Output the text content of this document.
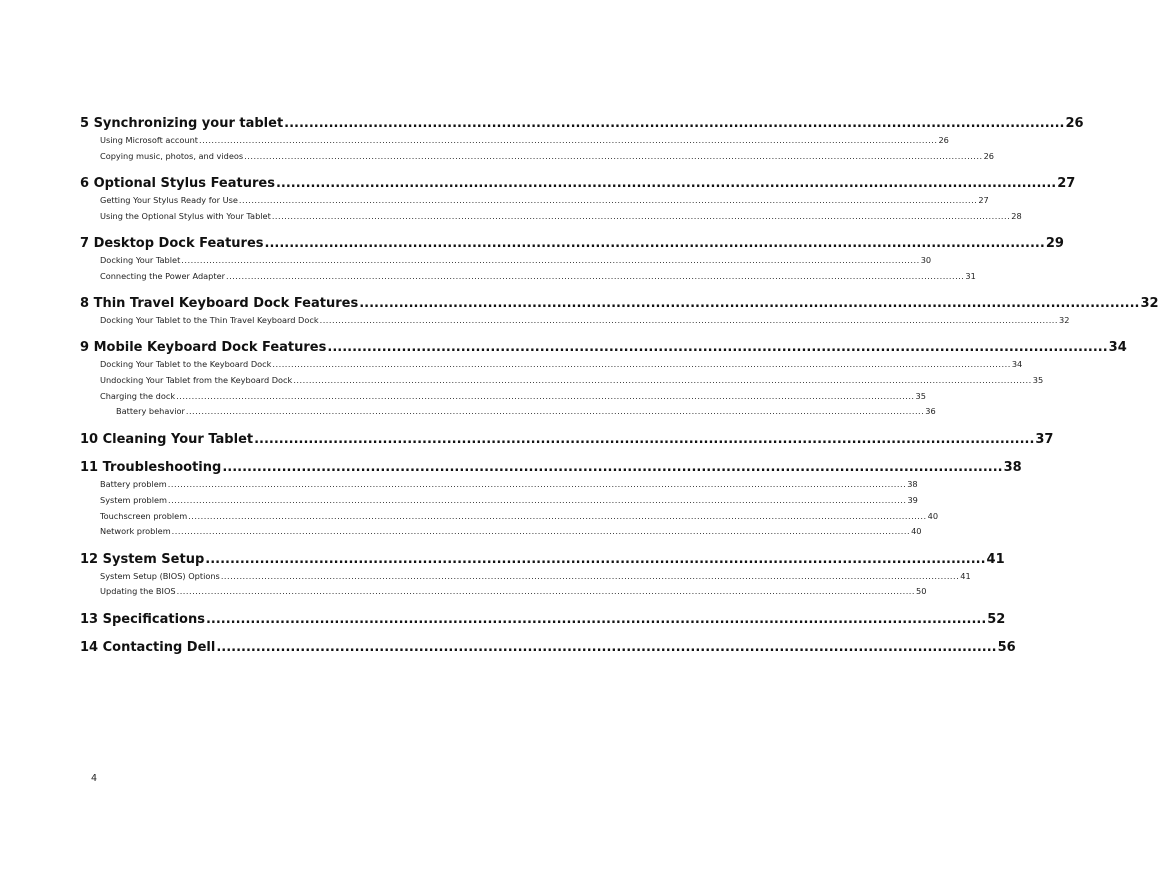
5 Synchronizing your tablet .............................................................................................................................................................. 26
Using Microsoft account .............................................................................................................................................................................................................................................. 26
Copying music, photos, and videos .............................................................................................................................................................................................................................................. 26
6 Optional Stylus Features .............................................................................................................................................................. 27
Getting Your Stylus Ready for Use .............................................................................................................................................................................................................................................. 27
Using the Optional Stylus with Your Tablet .............................................................................................................................................................................................................................................. 28
7 Desktop Dock Features .............................................................................................................................................................. 29
Docking Your Tablet .............................................................................................................................................................................................................................................. 30
Connecting the Power Adapter .............................................................................................................................................................................................................................................. 31
8 Thin Travel Keyboard Dock Features .............................................................................................................................................................. 32
Docking Your Tablet to the Thin Travel Keyboard Dock .............................................................................................................................................................................................................................................. 32
9 Mobile Keyboard Dock Features .............................................................................................................................................................. 34
Docking Your Tablet to the Keyboard Dock .............................................................................................................................................................................................................................................. 34
Undocking Your Tablet from the Keyboard Dock .............................................................................................................................................................................................................................................. 35
Charging the dock .............................................................................................................................................................................................................................................. 35
Battery behavior .............................................................................................................................................................................................................................................. 36
10 Cleaning Your Tablet .............................................................................................................................................................. 37
11 Troubleshooting .............................................................................................................................................................. 38
Battery problem .............................................................................................................................................................................................................................................. 38
System problem .............................................................................................................................................................................................................................................. 39
Touchscreen problem .............................................................................................................................................................................................................................................. 40
Network problem .............................................................................................................................................................................................................................................. 40
12 System Setup .............................................................................................................................................................. 41
System Setup (BIOS) Options .............................................................................................................................................................................................................................................. 41
Updating the BIOS .............................................................................................................................................................................................................................................. 50
13 Specifications .............................................................................................................................................................. 52
14 Contacting Dell .............................................................................................................................................................. 56
4
